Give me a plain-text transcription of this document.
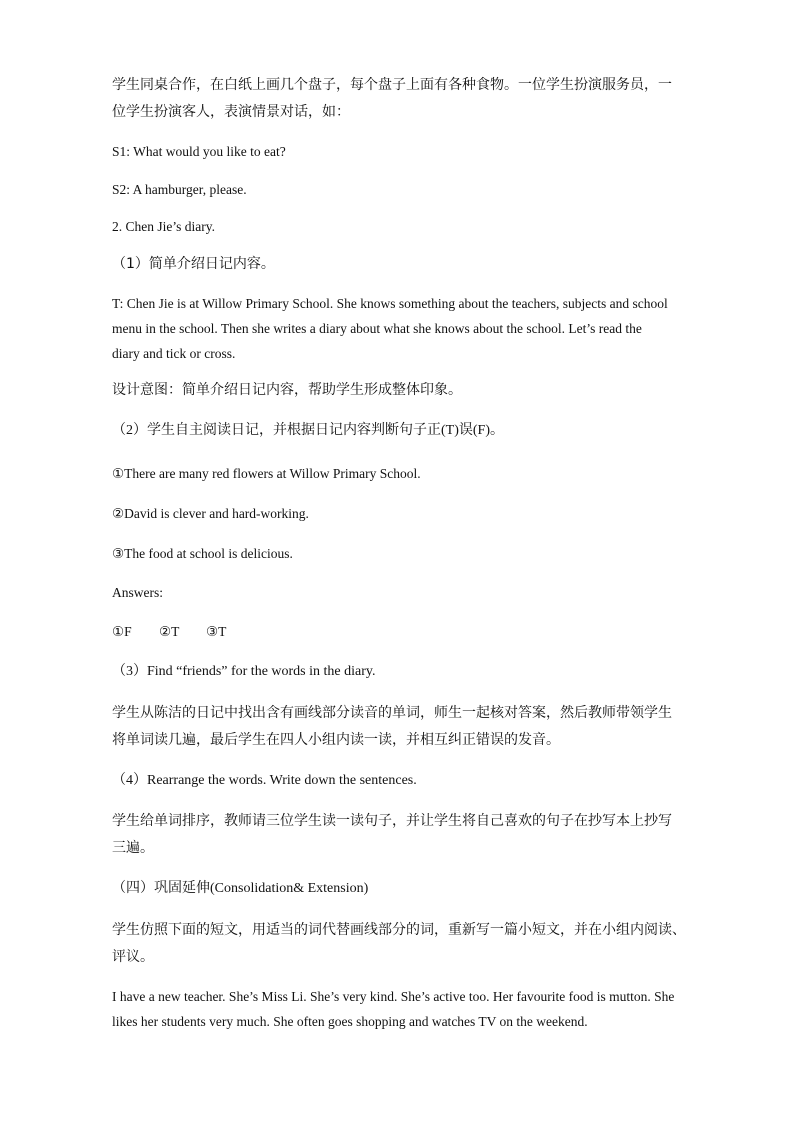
学生同桌合作，在白纸上画几个盘子，每个盘子上面有各种食物。一位学生扮演服务员，一位学生扮演客人，表演情景对话，如：

S1: What would you like to eat?

S2: A hamburger, please.

2. Chen Jie’s diary.

（1）简单介绍日记内容。

T: Chen Jie is at Willow Primary School. She knows something about the teachers, subjects and school menu in the school. Then she writes a diary about what she knows about the school. Let’s read the diary and tick or cross.

设计意图：简单介绍日记内容，帮助学生形成整体印象。

（2）学生自主阅读日记，并根据日记内容判断句子正(T)误(F)。

①There are many red flowers at Willow Primary School.

②David is clever and hard-working.

③The food at school is delicious.

Answers:

①F ②T ③T

（3）Find “friends” for the words in the diary.

学生从陈洁的日记中找出含有画线部分读音的单词，师生一起核对答案，然后教师带领学生将单词读几遍，最后学生在四人小组内读一读，并相互纠正错误的发音。

（4）Rearrange the words. Write down the sentences.

学生给单词排序，教师请三位学生读一读句子，并让学生将自己喜欢的句子在抄写本上抄写三遍。

（四）巩固延伸(Consolidation& Extension)

学生仿照下面的短文，用适当的词代替画线部分的词，重新写一篇小短文，并在小组内阅读、评议。

I have a new teacher. She’s Miss Li. She’s very kind. She’s active too. Her favourite food is mutton. She likes her students very much. She often goes shopping and watches TV on the weekend.
